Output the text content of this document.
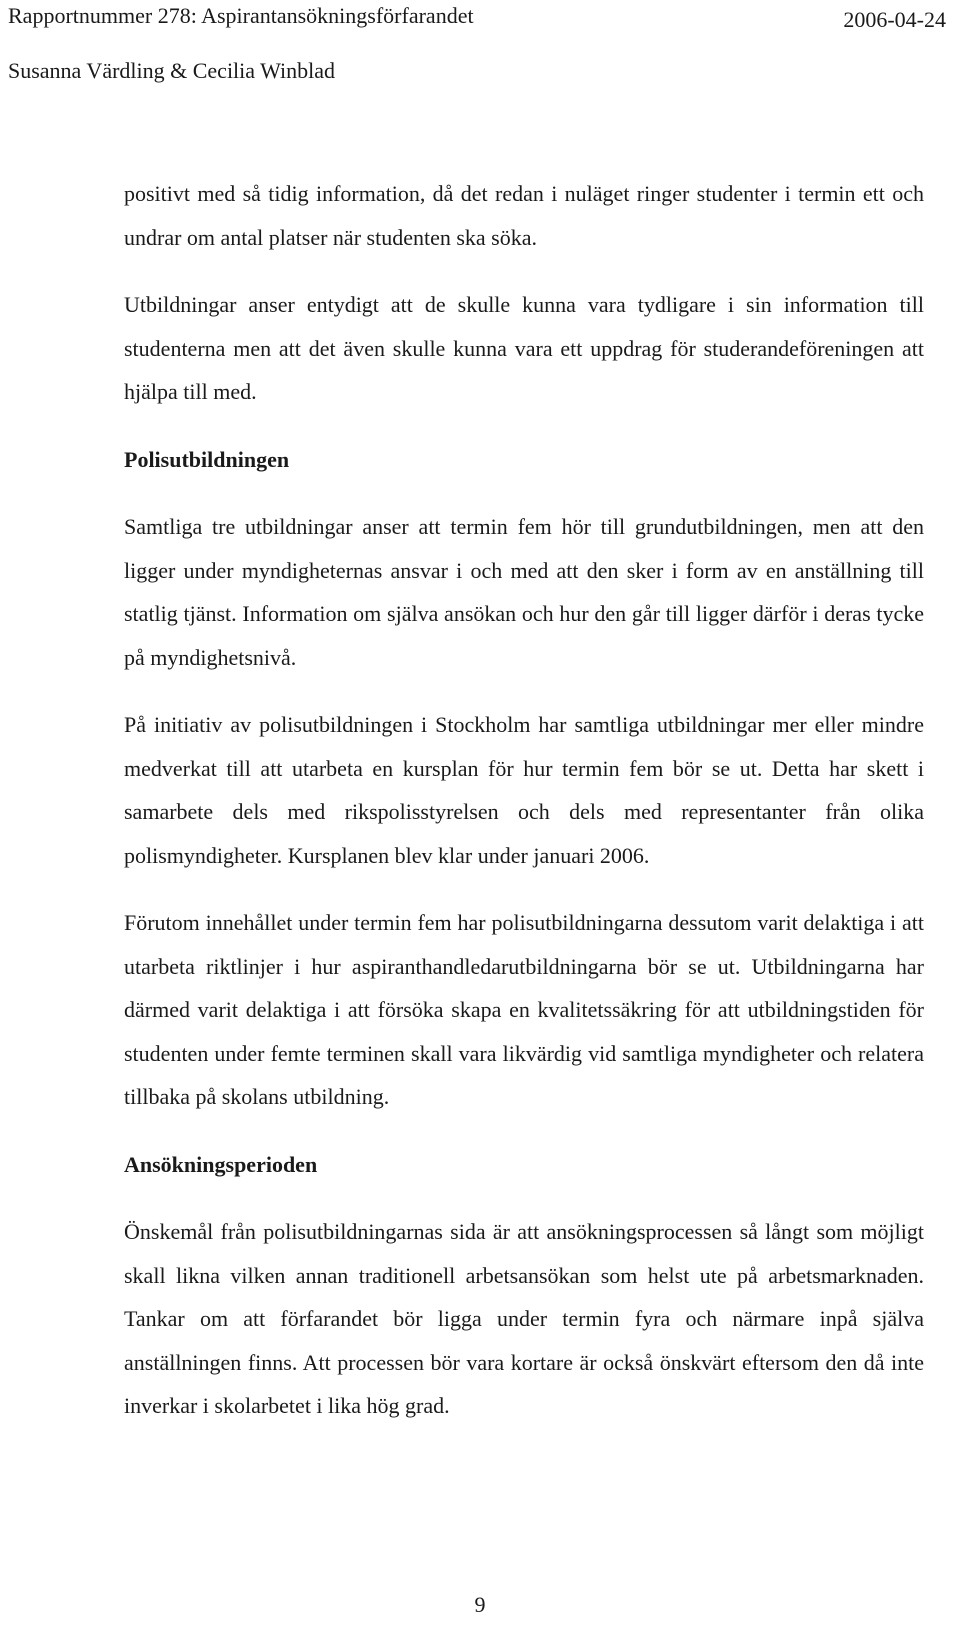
Rapportnummer 278: Aspirantansökningsförfarandet	2006-04-24
Susanna Värdling & Cecilia Winblad

positivt med så tidig information, då det redan i nuläget ringer studenter i termin ett och undrar om antal platser när studenten ska söka.

Utbildningar anser entydigt att de skulle kunna vara tydligare i sin information till studenterna men att det även skulle kunna vara ett uppdrag för studerandeföreningen att hjälpa till med.

Polisutbildningen

Samtliga tre utbildningar anser att termin fem hör till grundutbildningen, men att den ligger under myndigheternas ansvar i och med att den sker i form av en anställning till statlig tjänst. Information om själva ansökan och hur den går till ligger därför i deras tycke på myndighetsnivå.

På initiativ av polisutbildningen i Stockholm har samtliga utbildningar mer eller mindre medverkat till att utarbeta en kursplan för hur termin fem bör se ut. Detta har skett i samarbete dels med rikspolisstyrelsen och dels med representanter från olika polismyndigheter. Kursplanen blev klar under januari 2006.

Förutom innehållet under termin fem har polisutbildningarna dessutom varit delaktiga i att utarbeta riktlinjer i hur aspiranthandledarutbildningarna bör se ut. Utbildningarna har därmed varit delaktiga i att försöka skapa en kvalitetssäkring för att utbildningstiden för studenten under femte terminen skall vara likvärdig vid samtliga myndigheter och relatera tillbaka på skolans utbildning.

Ansökningsperioden

Önskemål från polisutbildningarnas sida är att ansökningsprocessen så långt som möjligt skall likna vilken annan traditionell arbetsansökan som helst ute på arbetsmarknaden. Tankar om att förfarandet bör ligga under termin fyra och närmare inpå själva anställningen finns. Att processen bör vara kortare är också önskvärt eftersom den då inte inverkar i skolarbetet i lika hög grad.

9
